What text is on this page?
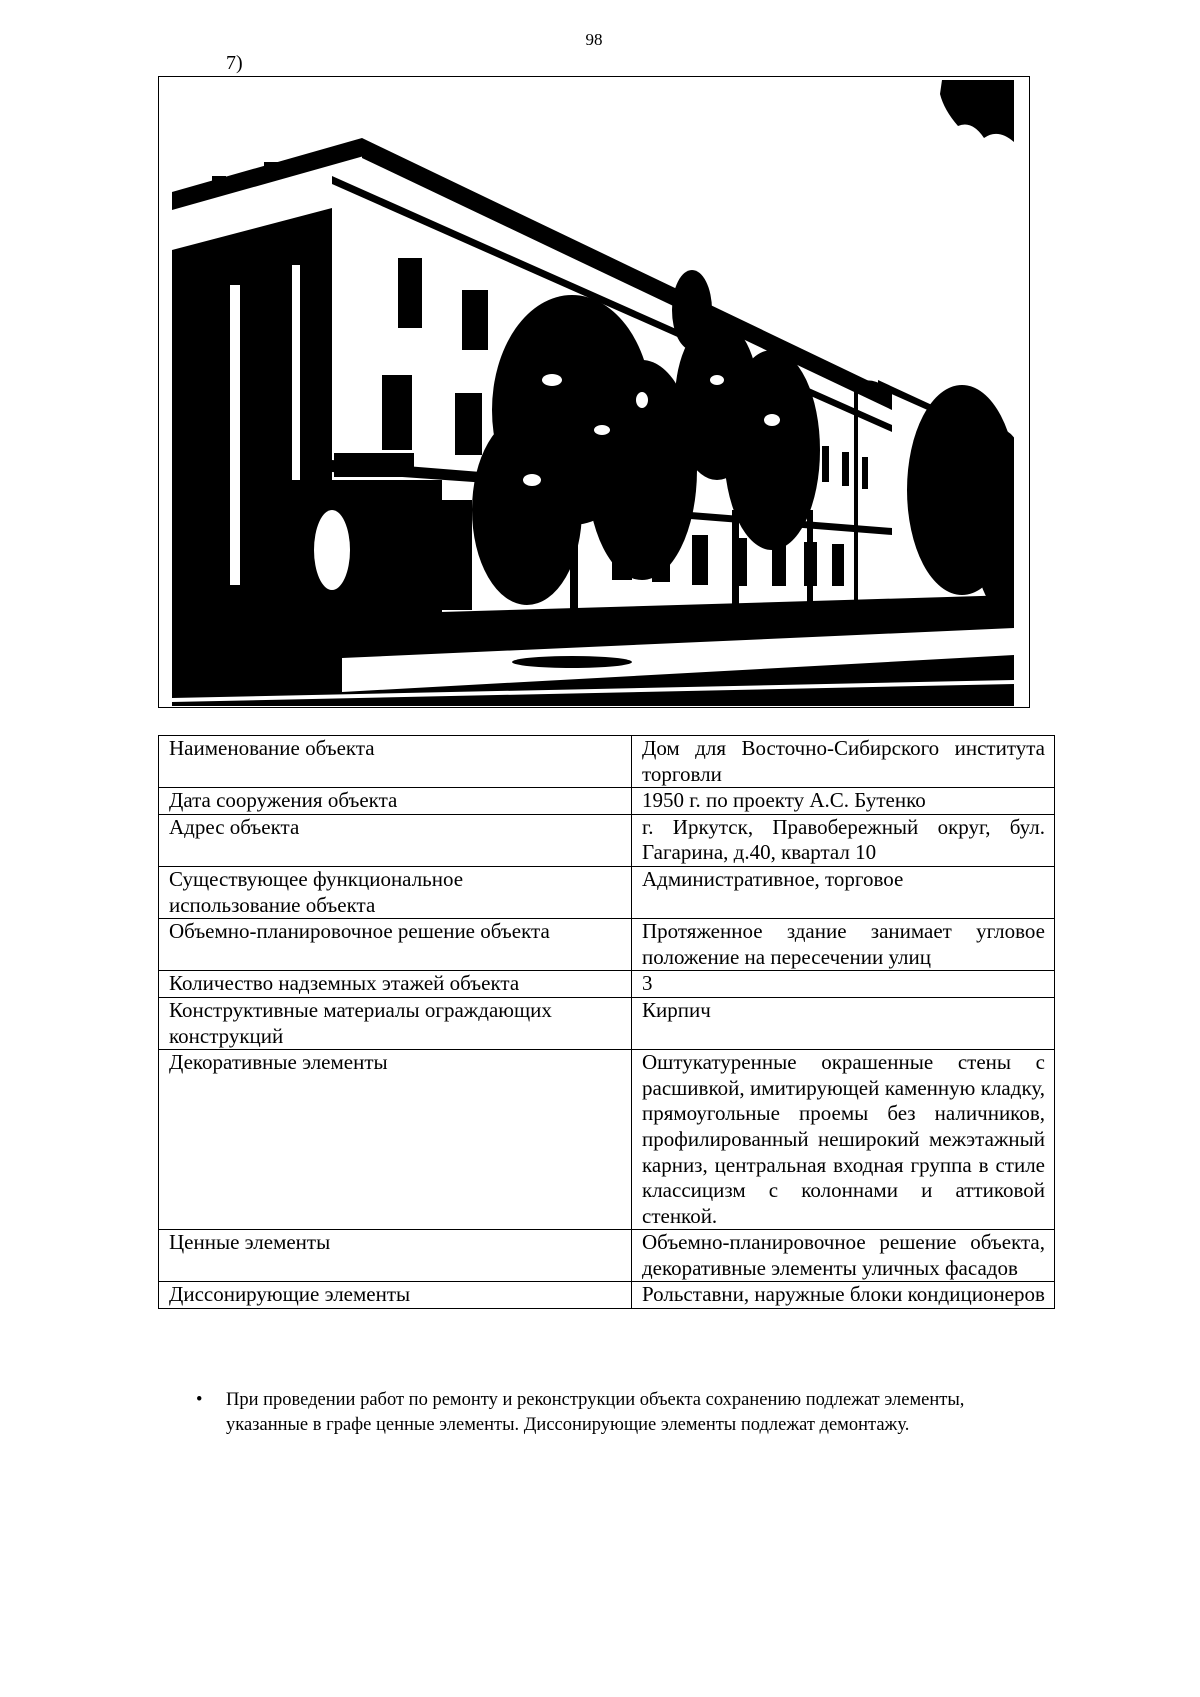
98
7)
Наименование объекта	Дом для Восточно-Сибирского института торговли
Дата сооружения объекта	1950 г. по проекту А.С. Бутенко
Адрес объекта	г. Иркутск, Правобережный округ, бул. Гагарина, д.40, квартал 10
Существующее функциональное использование объекта	Административное, торговое
Объемно-планировочное решение объекта	Протяженное здание занимает угловое положение на пересечении улиц
Количество надземных этажей объекта	3
Конструктивные материалы ограждающих конструкций	Кирпич
Декоративные элементы	Оштукатуренные окрашенные стены с расшивкой, имитирующей каменную кладку, прямоугольные проемы без наличников, профилированный неширокий межэтажный карниз, центральная входная группа в стиле классицизм с колоннами и аттиковой стенкой.
Ценные элементы	Объемно-планировочное решение объекта, декоративные элементы уличных фасадов
Диссонирующие элементы	Рольставни, наружные блоки кондиционеров
• При проведении работ по ремонту и реконструкции объекта сохранению подлежат элементы, указанные в графе ценные элементы. Диссонирующие элементы подлежат демонтажу.
